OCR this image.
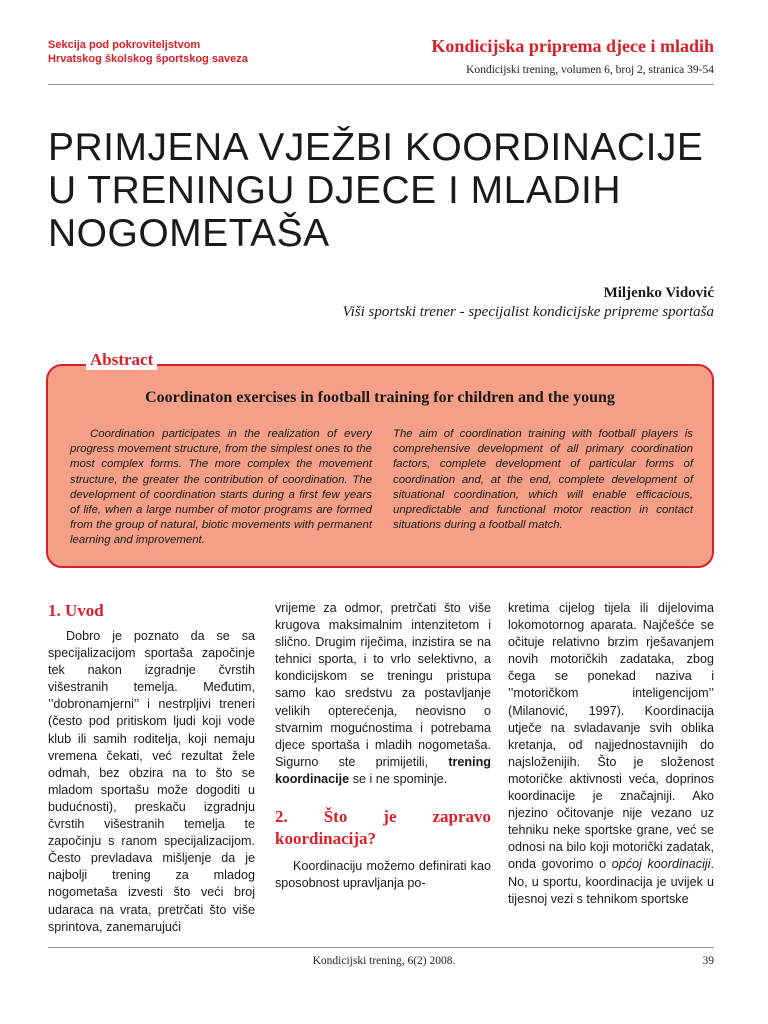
Sekcija pod pokroviteljstvom
Hrvatskog školskog športskog saveza
Kondicijska priprema djece i mladih
Kondicijski trening, volumen 6, broj 2, stranica 39-54
PRIMJENA VJEŽBI KOORDINACIJE
U TRENINGU DJECE I MLADIH
NOGOMETAŠA
Miljenko Vidović
Viši sportski trener - specijalist kondicijske pripreme sportaša
Abstract
Coordinaton exercises in football training for children and the young
Coordination participates in the realization of every progress movement structure, from the simplest ones to the most complex forms. The more complex the movement structure, the greater the contribution of coordination. The development of coordination starts during a first few years of life, when a large number of motor programs are formed from the group of natural, biotic movements with permanent learning and improvement.
The aim of coordination training with football players is comprehensive development of all primary coordination factors, complete development of particular forms of coordination and, at the end, complete development of situational coordination, which will enable efficacious, unpredictable and functional motor reaction in contact situations during a football match.
1. Uvod

Dobro je poznato da se sa specijalizacijom sportaša započinje tek nakon izgradnje čvrstih višestranih temelja. Međutim, ’’dobronamjerni’’ i nestrpljivi treneri (često pod pritiskom ljudi koji vode klub ili samih roditelja, koji nemaju vremena čekati, već rezultat žele odmah, bez obzira na to što se mladom sportašu može dogoditi u budućnosti), preskaču izgradnju čvrstih višestranih temelja te započinju s ranom specijalizacijom. Često prevladava mišljenje da je najbolji trening za mladog nogometaša izvesti što veći broj udaraca na vrata, pretrčati što više sprintova, zanemarujući

vrijeme za odmor, pretrčati što više krugova maksimalnim intenzitetom i slično. Drugim riječima, inzistira se na tehnici sporta, i to vrlo selektivno, a kondicijskom se treningu pristupa samo kao sredstvu za postavljanje velikih opterećenja, neovisno o stvarnim mogućnostima i potrebama djece sportaša i mladih nogometaša. Sigurno ste primijetili, trening koordinacije se i ne spominje.

2. Što je zapravo koordinacija?

Koordinaciju možemo definirati kao sposobnost upravljanja po-

kretima cijelog tijela ili dijelovima lokomotornog aparata. Najčešće se očituje relativno brzim rješavanjem novih motoričkih zadataka, zbog čega se ponekad naziva i ’’motoričkom inteligencijom’’ (Milanović, 1997). Koordinacija utječe na svladavanje svih oblika kretanja, od najjednostavnijih do najsloženijih. Što je složenost motoričke aktivnosti veća, doprinos koordinacije je značajniji. Ako njezino očitovanje nije vezano uz tehniku neke sportske grane, već se odnosi na bilo koji motorički zadatak, onda govorimo o općoj koordinaciji. No, u sportu, koordinacija je uvijek u tijesnoj vezi s tehnikom sportske

Kondicijski trening, 6(2) 2008.	39
